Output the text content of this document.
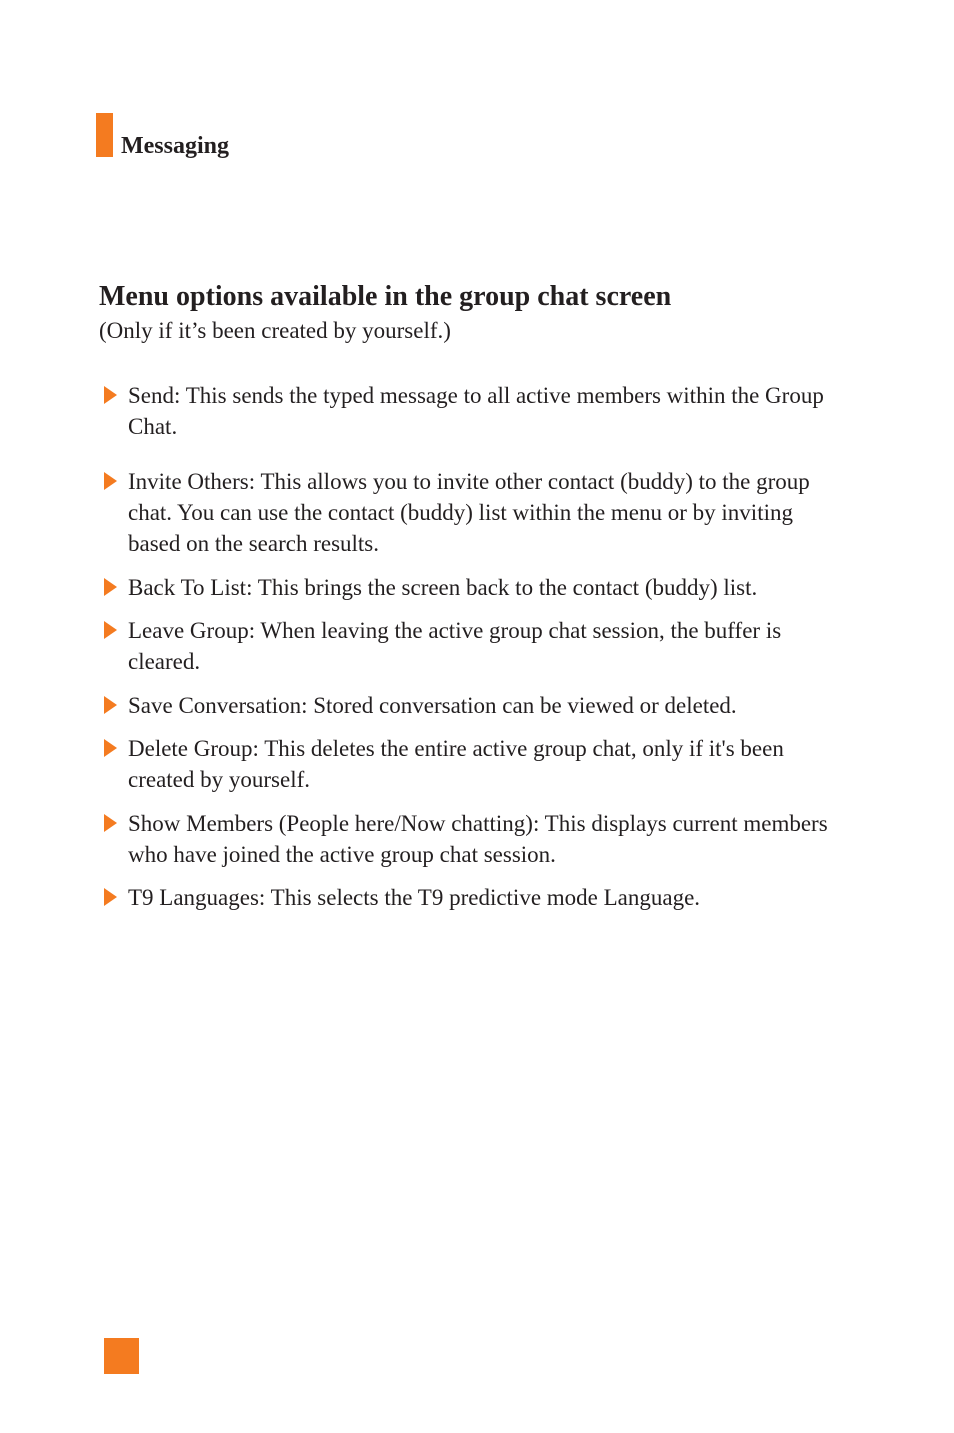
Messaging
Menu options available in the group chat screen
(Only if it’s been created by yourself.)
Send: This sends the typed message to all active members within the Group Chat.
Invite Others: This allows you to invite other contact (buddy) to the group chat. You can use the contact (buddy) list within the menu or by inviting based on the search results.
Back To List: This brings the screen back to the contact (buddy) list.
Leave Group: When leaving the active group chat session, the buffer is cleared.
Save Conversation: Stored conversation can be viewed or deleted.
Delete Group: This deletes the entire active group chat, only if it's been created by yourself.
Show Members (People here/Now chatting): This displays current members who have joined the active group chat session.
T9 Languages: This selects the T9 predictive mode Language.
